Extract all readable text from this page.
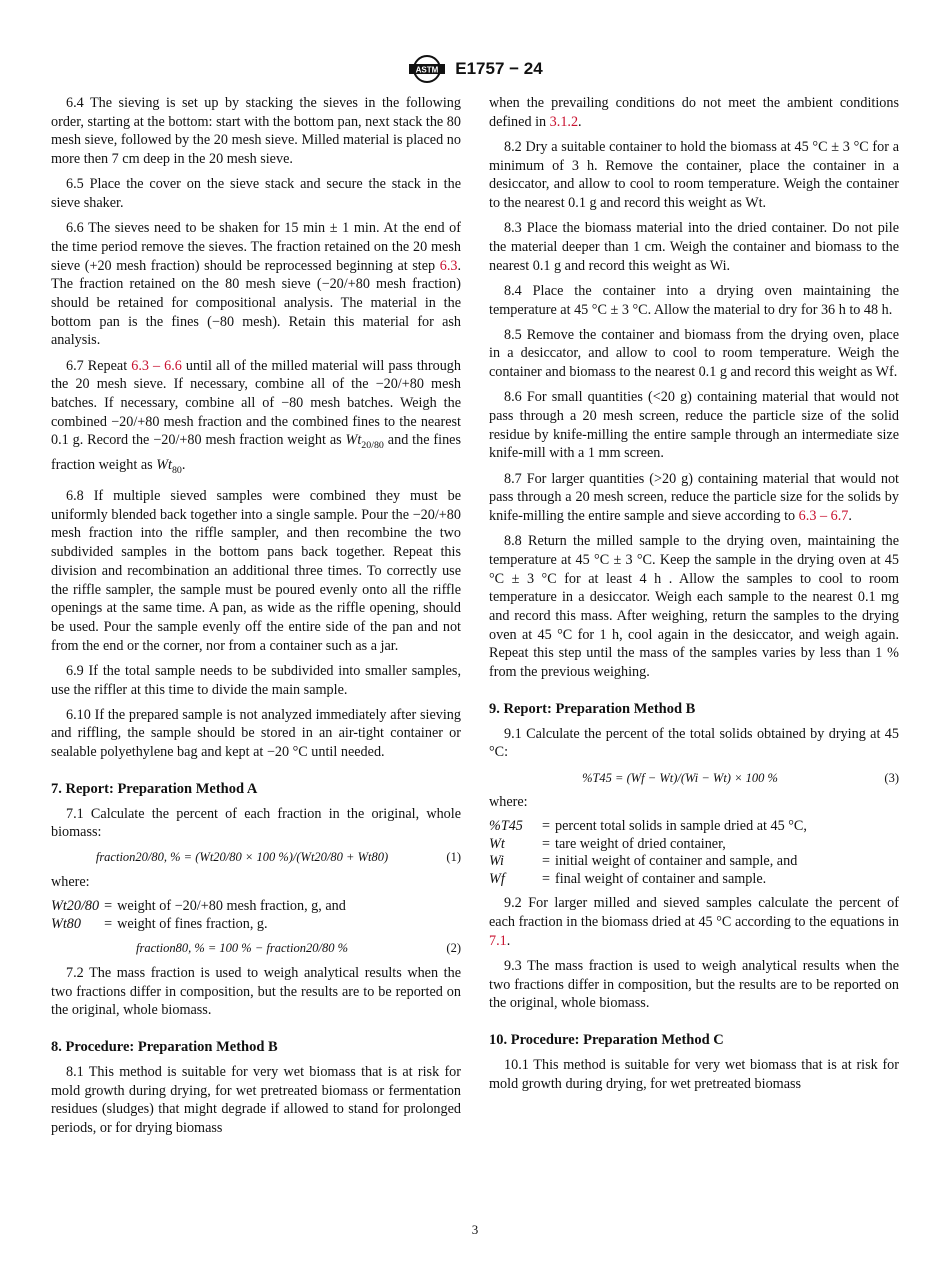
ASTM E1757 − 24

6.4 The sieving is set up by stacking the sieves in the following order, starting at the bottom: start with the bottom pan, next stack the 80 mesh sieve, followed by the 20 mesh sieve. Milled material is placed no more then 7 cm deep in the 20 mesh sieve.

6.5 Place the cover on the sieve stack and secure the stack in the sieve shaker.

6.6 The sieves need to be shaken for 15 min ± 1 min. At the end of the time period remove the sieves. The fraction retained on the 20 mesh sieve (+20 mesh fraction) should be reprocessed beginning at step 6.3. The fraction retained on the 80 mesh sieve (−20/+80 mesh fraction) should be retained for compositional analysis. The material in the bottom pan is the fines (−80 mesh). Retain this material for ash analysis.

6.7 Repeat 6.3 – 6.6 until all of the milled material will pass through the 20 mesh sieve. If necessary, combine all of the −20/+80 mesh batches. If necessary, combine all of −80 mesh batches. Weigh the combined −20/+80 mesh fraction and the combined fines to the nearest 0.1 g. Record the −20/+80 mesh fraction weight as $Wt_{20/80}$ and the fines fraction weight as $Wt_{80}$.

6.8 If multiple sieved samples were combined they must be uniformly blended back together into a single sample. Pour the −20/+80 mesh fraction into the riffle sampler, and then recombine the two subdivided samples in the bottom pans back together. Repeat this division and recombination an additional three times. To correctly use the riffle sampler, the sample must be poured evenly onto all the riffle openings at the same time. A pan, as wide as the riffle opening, should be used. Pour the sample evenly off the entire side of the pan and not from the end or the corner, nor from a container such as a jar.

6.9 If the total sample needs to be subdivided into smaller samples, use the riffler at this time to divide the main sample.

6.10 If the prepared sample is not analyzed immediately after sieving and riffling, the sample should be stored in an air-tight container or sealable polyethylene bag and kept at −20 °C until needed.

7. Report: Preparation Method A

7.1 Calculate the percent of each fraction in the original, whole biomass:

fraction20/80, % = (Wt20/80 × 100 %)/(Wt20/80 + Wt80)	(1)

where:

Wt20/80	=	weight of −20/+80 mesh fraction, g, and
Wt80	=	weight of fines fraction, g.
fraction80, % = 100 % − fraction20/80 %	(2)

7.2 The mass fraction is used to weigh analytical results when the two fractions differ in composition, but the results are to be reported on the original, whole biomass.

8. Procedure: Preparation Method B

8.1 This method is suitable for very wet biomass that is at risk for mold growth during drying, for wet pretreated biomass or fermentation residues (sludges) that might degrade if allowed to stand for prolonged periods, or for drying biomass

when the prevailing conditions do not meet the ambient conditions defined in 3.1.2.

8.2 Dry a suitable container to hold the biomass at 45 °C ± 3 °C for a minimum of 3 h. Remove the container, place the container in a desiccator, and allow to cool to room temperature. Weigh the container to the nearest 0.1 g and record this weight as Wt.

8.3 Place the biomass material into the dried container. Do not pile the material deeper than 1 cm. Weigh the container and biomass to the nearest 0.1 g and record this weight as Wi.

8.4 Place the container into a drying oven maintaining the temperature at 45 °C ± 3 °C. Allow the material to dry for 36 h to 48 h.

8.5 Remove the container and biomass from the drying oven, place in a desiccator, and allow to cool to room temperature. Weigh the container and biomass to the nearest 0.1 g and record this weight as Wf.

8.6 For small quantities (<20 g) containing material that would not pass through a 20 mesh screen, reduce the particle size of the solid residue by knife-milling the entire sample through an intermediate size knife-mill with a 1 mm screen.

8.7 For larger quantities (>20 g) containing material that would not pass through a 20 mesh screen, reduce the particle size for the solids by knife-milling the entire sample and sieve according to 6.3 – 6.7.

8.8 Return the milled sample to the drying oven, maintaining the temperature at 45 °C ± 3 °C. Keep the sample in the drying oven at 45 °C ± 3 °C for at least 4 h . Allow the samples to cool to room temperature in a desiccator. Weigh each sample to the nearest 0.1 mg and record this mass. After weighing, return the samples to the drying oven at 45 °C for 1 h, cool again in the desiccator, and weigh again. Repeat this step until the mass of the samples varies by less than 1 % from the previous weighing.

9. Report: Preparation Method B

9.1 Calculate the percent of the total solids obtained by drying at 45 °C:

%T45 = (Wf − Wt)/(Wi − Wt) × 100 %	(3)

where:

%T45	=	percent total solids in sample dried at 45 °C,
Wt	=	tare weight of dried container,
Wi	=	initial weight of container and sample, and
Wf	=	final weight of container and sample.

9.2 For larger milled and sieved samples calculate the percent of each fraction in the biomass dried at 45 °C according to the equations in 7.1.

9.3 The mass fraction is used to weigh analytical results when the two fractions differ in composition, but the results are to be reported on the original, whole biomass.

10. Procedure: Preparation Method C

10.1 This method is suitable for very wet biomass that is at risk for mold growth during drying, for wet pretreated biomass

3
